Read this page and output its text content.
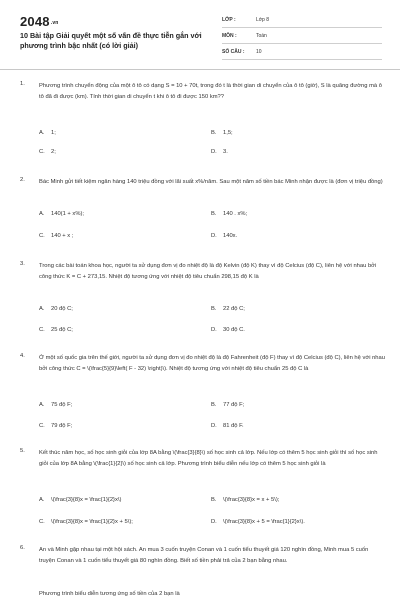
2048.vn
10 Bài tập Giải quyết một số vấn đề thực tiễn gắn với phương trình bậc nhất (có lời giải)
LỚP :	Lớp 8
MÔN :	Toán
SỐ CÂU :	10
1. Phương trình chuyển động của một ô tô có dạng S = 10 + 70t, trong đó t là thời gian di chuyển của ô tô (giờ), S là quãng đường mà ô tô đã đi được (km). Tính thời gian di chuyển t khi ô tô đi được 150 km??
A. 1;	B. 1,5;
C. 2;	D. 3.
2. Bác Minh gửi tiết kiệm ngân hàng 140 triệu đồng với lãi suất x%/năm. Sau một năm số tiền bác Minh nhận được là (đơn vị triệu đồng)
A. 140(1 + x%);	B. 140 . x%;
C. 140 + x ;	D. 140x.
3. Trong các bài toán khoa học, người ta sử dụng đơn vị đo nhiệt độ là độ Kelvin (độ K) thay vì độ Celcius (độ C), liên hệ với nhau bởi công thức K = C + 273,15. Nhiệt độ tương ứng với nhiệt độ tiêu chuẩn 298,15 độ K là
A. 20 độ C;	B. 22 độ C;
C. 25 độ C;	D. 30 độ C.
4. Ở một số quốc gia trên thế giới, người ta sử dụng đơn vị đo nhiệt độ là độ Fahrenheit (độ F) thay vì độ Celcius (độ C), liên hệ với nhau bởi công thức C = \(\frac{5}{9}\left( F - 32) \right)\). Nhiệt độ tương ứng với nhiệt độ tiêu chuẩn 25 độ C là
A. 75 độ F;	B. 77 độ F;
C. 79 độ F;	D. 81 độ F.
5. Kết thúc năm học, số học sinh giỏi của lớp 8A bằng \(\frac{3}{8}\) số học sinh cả lớp. Nếu lớp có thêm 5 học sinh giỏi thì số học sinh giỏi của lớp 8A bằng \(\frac{1}{2}\) số học sinh cả lớp. Phương trình biểu diễn nếu lớp có thêm 5 học sinh giỏi là
A. \(\frac{3}{8}x = \frac{1}{2}x\)	B. \(\frac{3}{8}x = x + 5\);
C. \(\frac{3}{8}x = \frac{1}{2}x + 5\);	D. \(\frac{3}{8}x + 5 = \frac{1}{2}x\).
6. An và Minh gặp nhau tại một hội sách. An mua 3 cuốn truyện Conan và 1 cuốn tiểu thuyết giá 120 nghìn đồng, Minh mua 5 cuốn truyện Conan và 1 cuốn tiểu thuyết giá 80 nghìn đồng. Biết số tiền phải trả của 2 bạn bằng nhau.
Phương trình biểu diễn tương ứng số tiền của 2 bạn là
